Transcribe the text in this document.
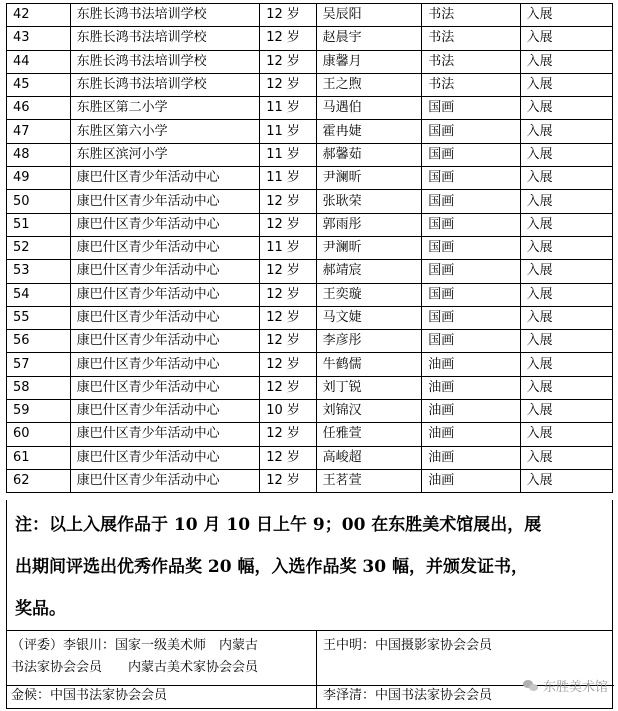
42	东胜长鸿书法培训学校	12 岁	吴辰阳	书法	入展
43	东胜长鸿书法培训学校	12 岁	赵晨宇	书法	入展
44	东胜长鸿书法培训学校	12 岁	康馨月	书法	入展
45	东胜长鸿书法培训学校	12 岁	王之煦	书法	入展
46	东胜区第二小学	11 岁	马遇伯	国画	入展
47	东胜区第六小学	11 岁	霍冉婕	国画	入展
48	东胜区滨河小学	11 岁	郝馨茹	国画	入展
49	康巴什区青少年活动中心	11 岁	尹澜昕	国画	入展
50	康巴什区青少年活动中心	12 岁	张耿荣	国画	入展
51	康巴什区青少年活动中心	12 岁	郭雨彤	国画	入展
52	康巴什区青少年活动中心	11 岁	尹澜昕	国画	入展
53	康巴什区青少年活动中心	12 岁	郝靖宸	国画	入展
54	康巴什区青少年活动中心	12 岁	王奕璇	国画	入展
55	康巴什区青少年活动中心	12 岁	马文婕	国画	入展
56	康巴什区青少年活动中心	12 岁	李彦彤	国画	入展
57	康巴什区青少年活动中心	12 岁	牛鹤儒	油画	入展
58	康巴什区青少年活动中心	12 岁	刘丁锐	油画	入展
59	康巴什区青少年活动中心	10 岁	刘锦汉	油画	入展
60	康巴什区青少年活动中心	12 岁	任雅萱	油画	入展
61	康巴什区青少年活动中心	12 岁	高峻超	油画	入展
62	康巴什区青少年活动中心	12 岁	王茗萱	油画	入展
注：以上入展作品于 10 月 10 日上午 9；00 在东胜美术馆展出，展
出期间评选出优秀作品奖 20 幅，入选作品奖 30 幅，并颁发证书，
奖品。
（评委）李银川：国家一级美术师　内蒙古
书法家协会会员　　内蒙古美术家协会会员
王中明：中国摄影家协会会员
金候：中国书法家协会会员	李泽清：中国书法家协会会员
东胜美术馆
